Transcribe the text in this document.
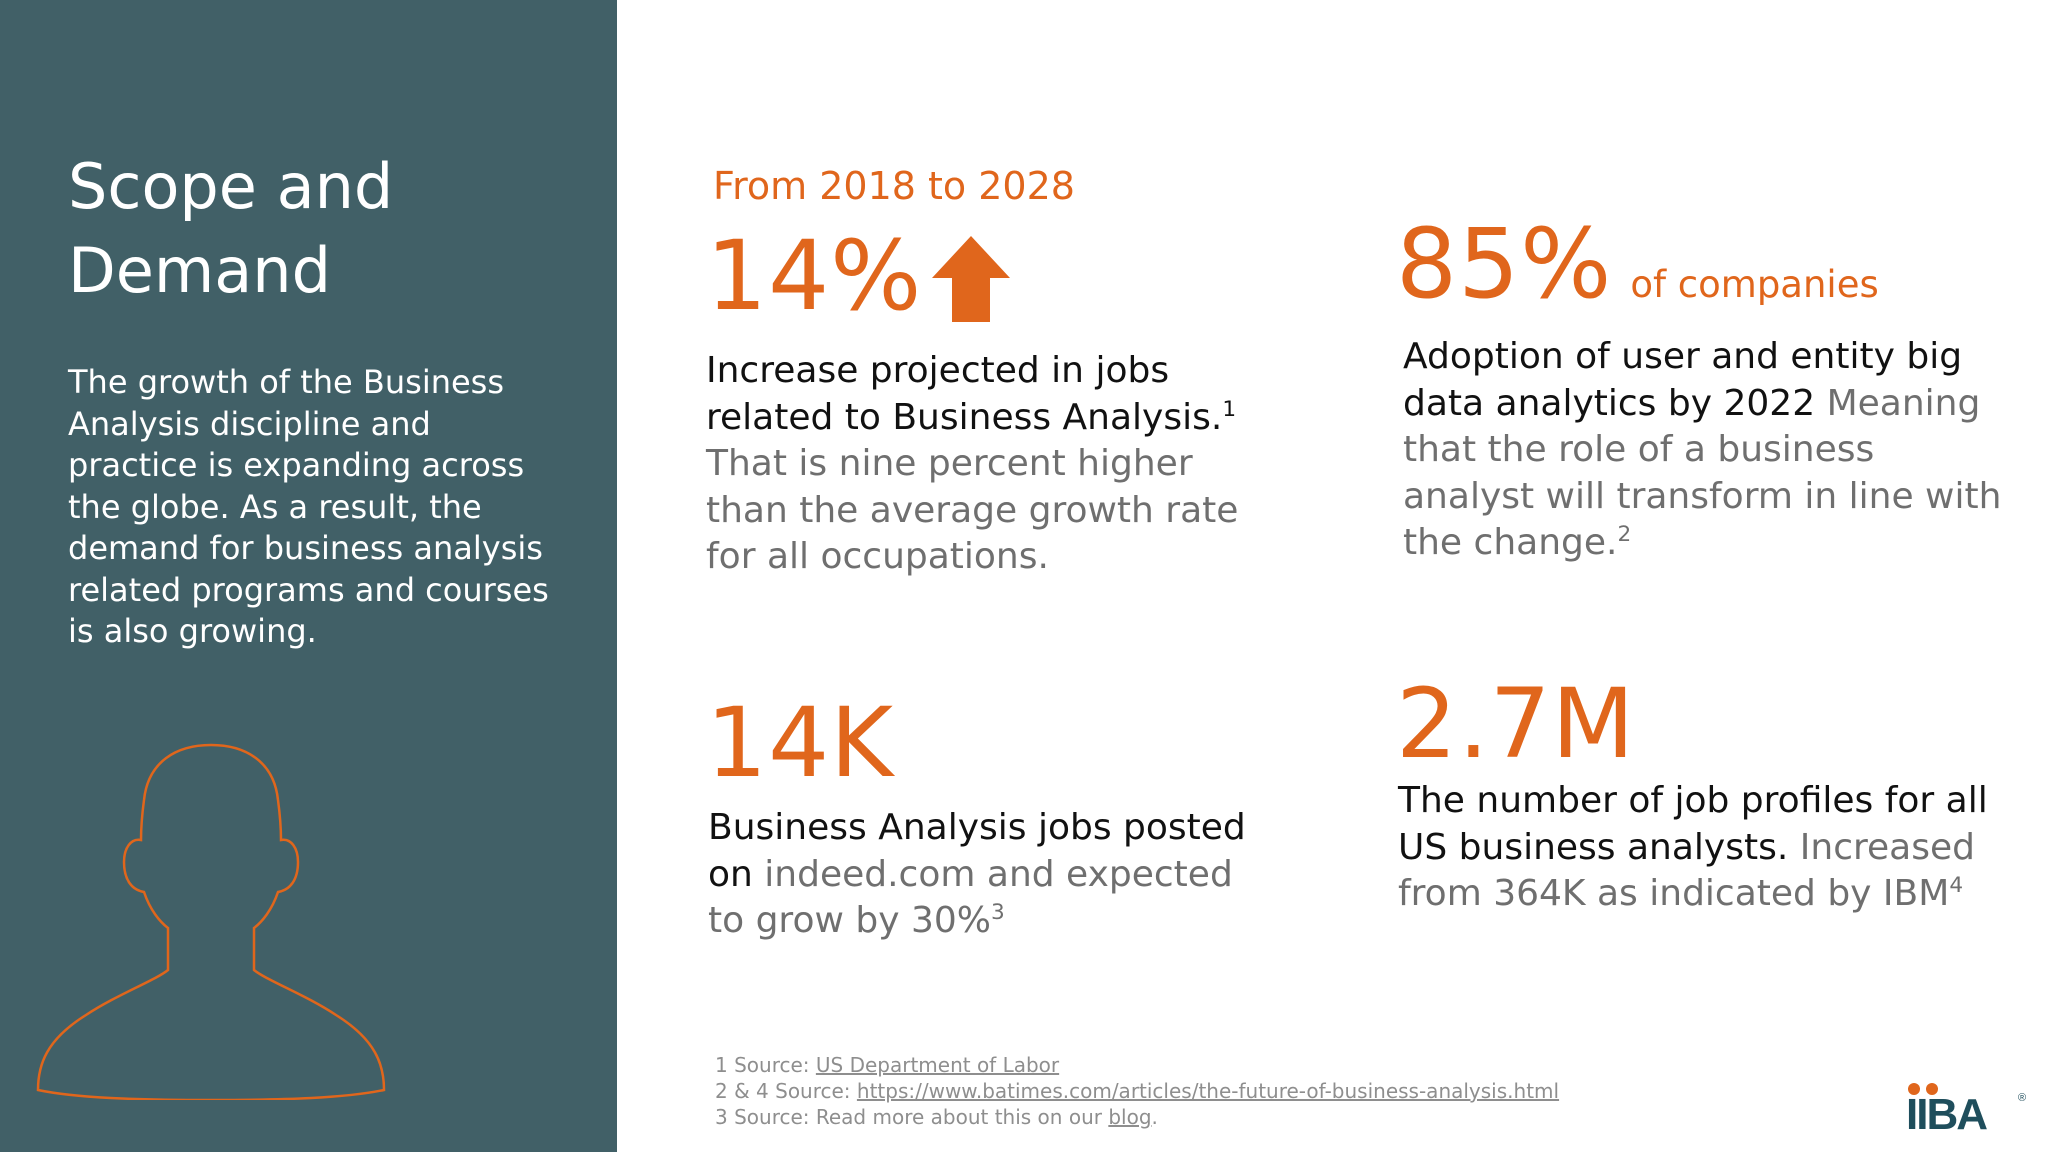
Scope and Demand
The growth of the Business Analysis discipline and practice is expanding across the globe. As a result, the demand for business analysis related programs and courses is also growing.
From 2018 to 2028
14%
Increase projected in jobs related to Business Analysis.$^1$ That is nine percent higher than the average growth rate for all occupations.
85% of companies
Adoption of user and entity big data analytics by 2022 Meaning that the role of a business analyst will transform in line with the change.$^2$
14K
Business Analysis jobs posted on indeed.com and expected to grow by 30%$^3$
2.7M
The number of job profiles for all US business analysts. Increased from 364K as indicated by IBM$^4$
1 Source: US Department of Labor
2 & 4 Source: https://www.batimes.com/articles/the-future-of-business-analysis.html
3 Source: Read more about this on our blog.	IIBA	®
